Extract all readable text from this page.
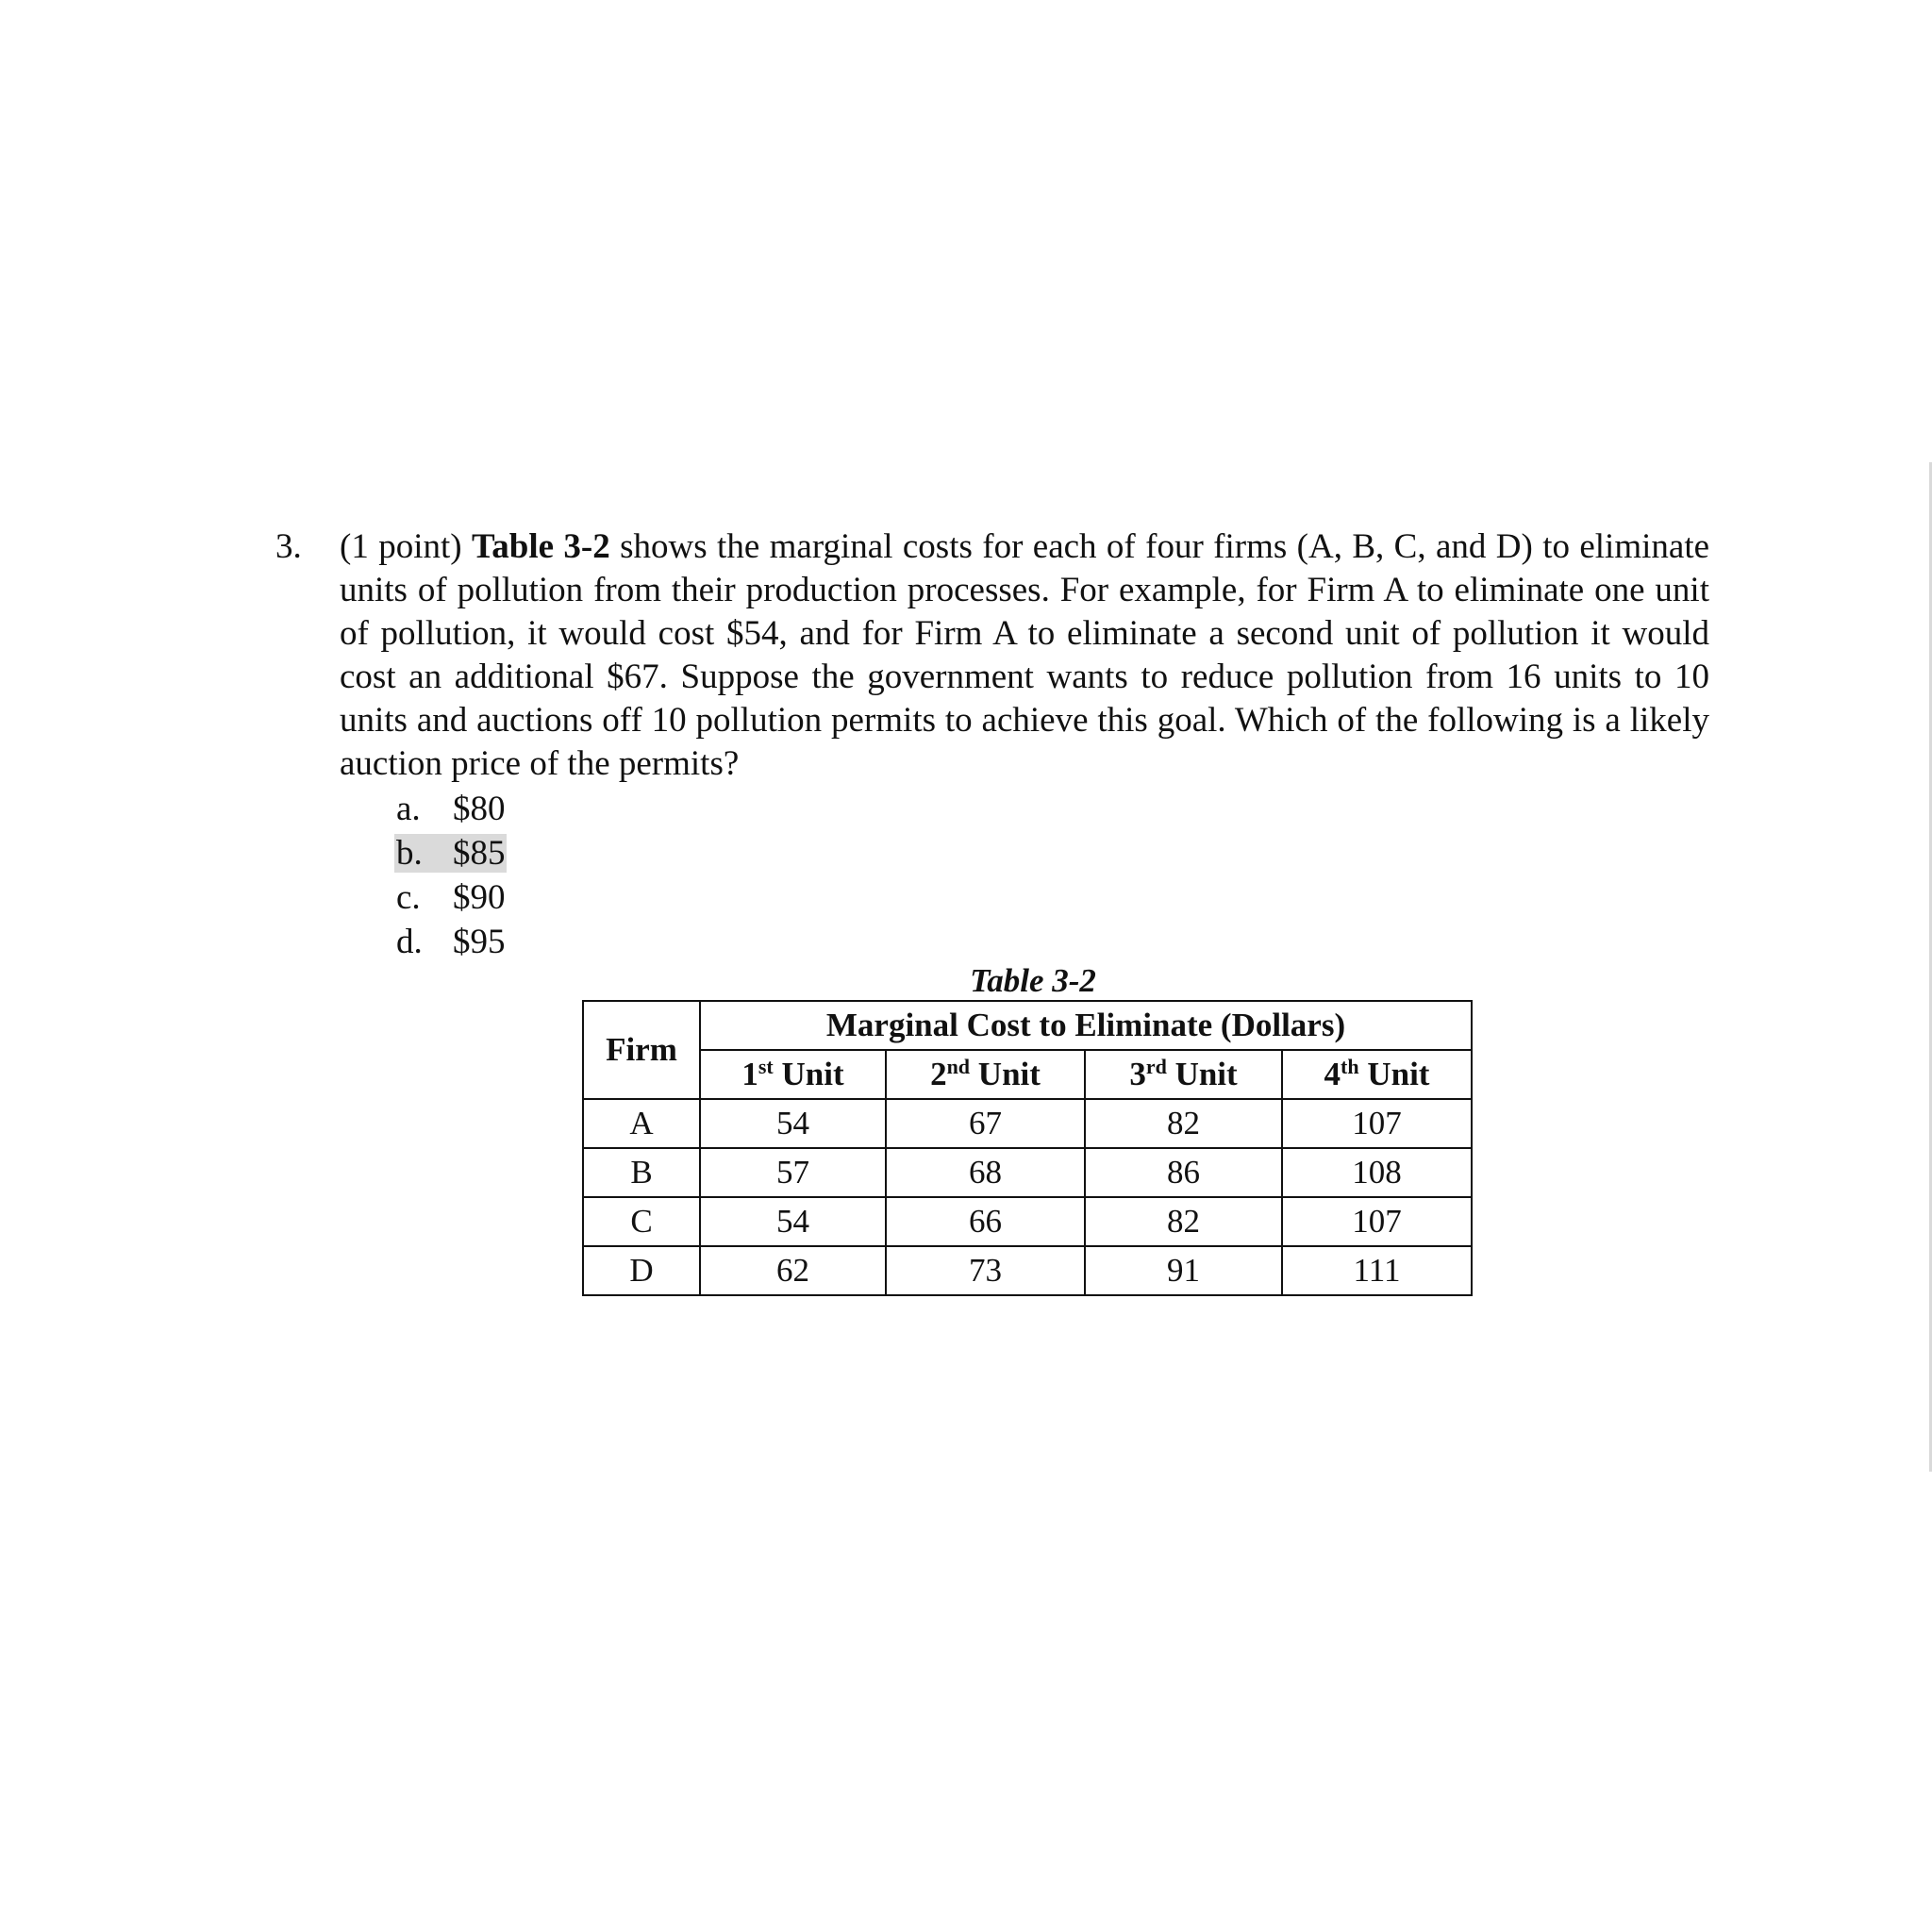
3. (1 point) Table 3-2 shows the marginal costs for each of four firms (A, B, C, and D) to eliminate units of pollution from their production processes. For example, for Firm A to eliminate one unit of pollution, it would cost $54, and for Firm A to eliminate a second unit of pollution it would cost an additional $67. Suppose the government wants to reduce pollution from 16 units to 10 units and auctions off 10 pollution permits to achieve this goal. Which of the following is a likely auction price of the permits?
a. $80
b. $85
c. $90
d. $95
Table 3-2
Firm	Marginal Cost to Eliminate (Dollars)			
	1st Unit	2nd Unit	3rd Unit	4th Unit
A	54	67	82	107
B	57	68	86	108
C	54	66	82	107
D	62	73	91	111
